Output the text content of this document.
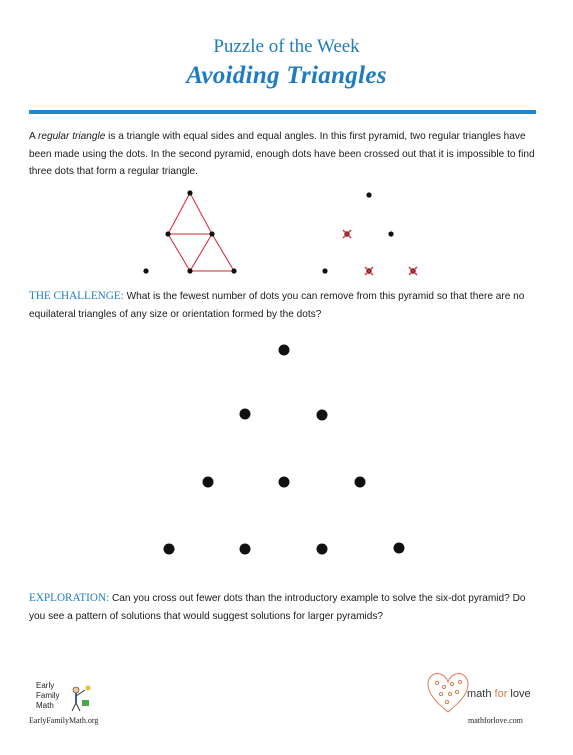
Puzzle of the Week
Avoiding Triangles
A regular triangle is a triangle with equal sides and equal angles. In this first pyramid, two regular triangles have been made using the dots. In the second pyramid, enough dots have been crossed out that it is impossible to find three dots that form a regular triangle.
THE CHALLENGE: What is the fewest number of dots you can remove from this pyramid so that there are no equilateral triangles of any size or orientation formed by the dots?
EXPLORATION: Can you cross out fewer dots than the introductory example to solve the six-dot pyramid? Do you see a pattern of solutions that would suggest solutions for larger pyramids?
Early
Family
Math
EarlyFamilyMath.org
math for love
mathforlove.com
